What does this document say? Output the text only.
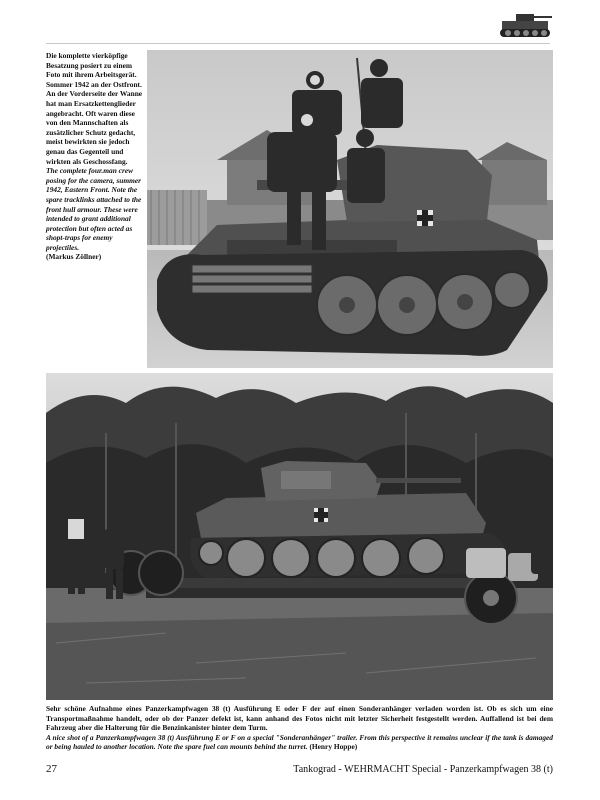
Die komplette vierköpfige Besatzung posiert zu einem Foto mit ihrem Arbeitsgerät. Sommer 1942 an der Ostfront. An der Vorderseite der Wanne hat man Ersatzkettenglieder angebracht. Oft waren diese von den Mannschaften als zusätzlicher Schutz gedacht, meist bewirkten sie jedoch genau das Gegenteil und wirkten als Geschossfang.

The complete four.man crew posing for the camera, summer 1942, Eastern Front. Note the spare tracklinks attached to the front hull armour. These were intended to grant additional protection but often acted as shopt-traps for enemy projectiles.

(Markus Zöllner)

Sehr schöne Aufnahme eines Panzerkampfwagen 38 (t) Ausführung E oder F der auf einen Sonderanhänger verladen worden ist. Ob es sich um eine Transportmaßnahme handelt, oder ob der Panzer defekt ist, kann anhand des Fotos nicht mit letzter Sicherheit festgestellt werden. Auffallend ist bei dem Fahrzeug aber die Halterung für die Benzinkanister hinter dem Turm.

A nice shot of a Panzerkampfwagen 38 (t) Ausführung E or F on a special "Sonderanhänger" trailer. From this perspective it remains unclear if the tank is damaged or being hauled to another location. Note the spare fuel can mounts behind the turret. (Henry Hoppe)

27	Tankograd - WEHRMACHT Special - Panzerkampfwagen 38 (t)
